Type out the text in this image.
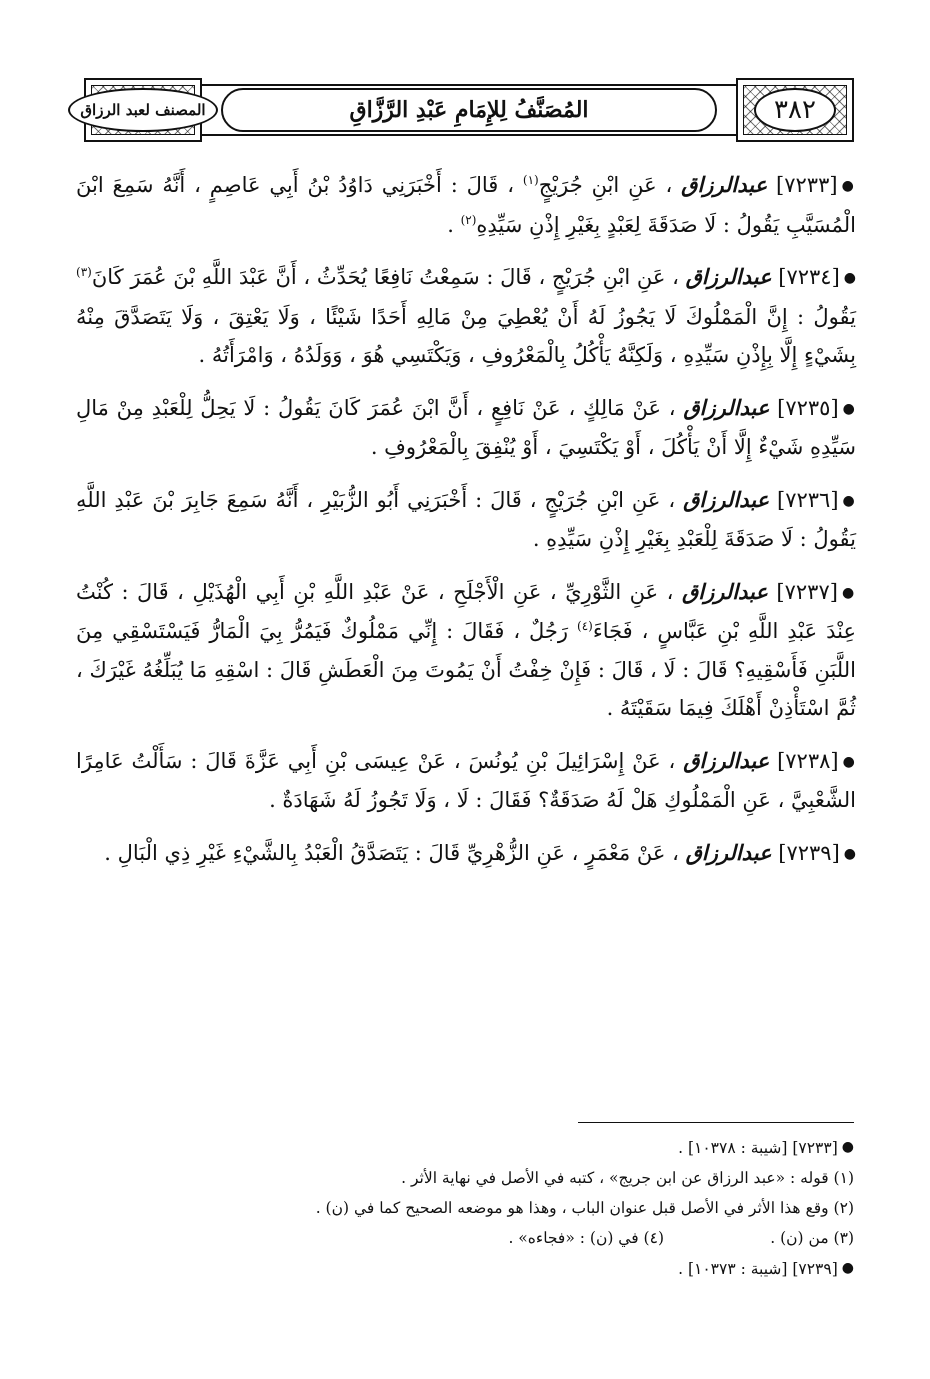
٣٨٢
المُصَنَّفُ لِلإِمَامِ عَبْدِ الرَّزَّاقِ
المصنف لعبد الرزاق

●[٧٢٣٣] عبدالرزاق ، عَنِ ابْنِ جُرَيْجٍ$^{(١)}$ ، قَالَ : أَخْبَرَنِي دَاوُدُ بْنُ أَبِي عَاصِمٍ ، أَنَّهُ سَمِعَ ابْنَ الْمُسَيَّبِ يَقُولُ : لَا صَدَقَةَ لِعَبْدٍ بِغَيْرِ إِذْنِ سَيِّدِهِ$^{(٢)}$ .

●[٧٢٣٤] عبدالرزاق ، عَنِ ابْنِ جُرَيْجٍ ، قَالَ : سَمِعْتُ نَافِعًا يُحَدِّثُ ، أَنَّ عَبْدَ اللَّهِ بْنَ عُمَرَ كَانَ$^{(٣)}$ يَقُولُ : إِنَّ الْمَمْلُوكَ لَا يَجُوزُ لَهُ أَنْ يُعْطِيَ مِنْ مَالِهِ أَحَدًا شَيْئًا ، وَلَا يَعْتِقَ ، وَلَا يَتَصَدَّقَ مِنْهُ بِشَيْءٍ إِلَّا بِإِذْنِ سَيِّدِهِ ، وَلَكِنَّهُ يَأْكُلُ بِالْمَعْرُوفِ ، وَيَكْتَسِي هُوَ ، وَوَلَدُهُ ، وَامْرَأَتُهُ .

●[٧٢٣٥] عبدالرزاق ، عَنْ مَالِكٍ ، عَنْ نَافِعٍ ، أَنَّ ابْنَ عُمَرَ كَانَ يَقُولُ : لَا يَحِلُّ لِلْعَبْدِ مِنْ مَالِ سَيِّدِهِ شَيْءٌ إِلَّا أَنْ يَأْكُلَ ، أَوْ يَكْتَسِيَ ، أَوْ يُنْفِقَ بِالْمَعْرُوفِ .

●[٧٢٣٦] عبدالرزاق ، عَنِ ابْنِ جُرَيْجٍ ، قَالَ : أَخْبَرَنِي أَبُو الزُّبَيْرِ ، أَنَّهُ سَمِعَ جَابِرَ بْنَ عَبْدِ اللَّهِ يَقُولُ : لَا صَدَقَةَ لِلْعَبْدِ بِغَيْرِ إِذْنِ سَيِّدِهِ .

●[٧٢٣٧] عبدالرزاق ، عَنِ الثَّوْرِيِّ ، عَنِ الْأَجْلَحِ ، عَنْ عَبْدِ اللَّهِ بْنِ أَبِي الْهُذَيْلِ ، قَالَ : كُنْتُ عِنْدَ عَبْدِ اللَّهِ بْنِ عَبَّاسٍ ، فَجَاءَ$^{(٤)}$ رَجُلٌ ، فَقَالَ : إِنِّي مَمْلُوكٌ فَيَمُرُّ بِيَ الْمَارُّ فَيَسْتَسْقِي مِنَ اللَّبَنِ فَأَسْقِيهِ؟ قَالَ : لَا ، قَالَ : فَإِنْ خِفْتُ أَنْ يَمُوتَ مِنَ الْعَطَشِ قَالَ : اسْقِهِ مَا يُبَلِّغُهُ غَيْرَكَ ، ثُمَّ اسْتَأْذِنْ أَهْلَكَ فِيمَا سَقَيْتَهُ .

●[٧٢٣٨] عبدالرزاق ، عَنْ إِسْرَائِيلَ بْنِ يُونُسَ ، عَنْ عِيسَى بْنِ أَبِي عَزَّةَ قَالَ : سَأَلْتُ عَامِرًا الشَّعْبِيَّ ، عَنِ الْمَمْلُوكِ هَلْ لَهُ صَدَقَةٌ؟ فَقَالَ : لَا ، وَلَا تَجُوزُ لَهُ شَهَادَةٌ .

●[٧٢٣٩] عبدالرزاق ، عَنْ مَعْمَرٍ ، عَنِ الزُّهْرِيِّ قَالَ : يَتَصَدَّقُ الْعَبْدُ بِالشَّيْءِ غَيْرِ ذِي الْبَالِ .

●[٧٢٣٣] [شيبة : ١٠٣٧٨] .

(١) قوله : «عبد الرزاق عن ابن جريج» ، كتبه في الأصل في نهاية الأثر .

(٢) وقع هذا الأثر في الأصل قبل عنوان الباب ، وهذا هو موضعه الصحيح كما في (ن) .

(٣) من (ن) .
(٤) في (ن) : «فجاءه» .

●[٧٢٣٩] [شيبة : ١٠٣٧٣] .
